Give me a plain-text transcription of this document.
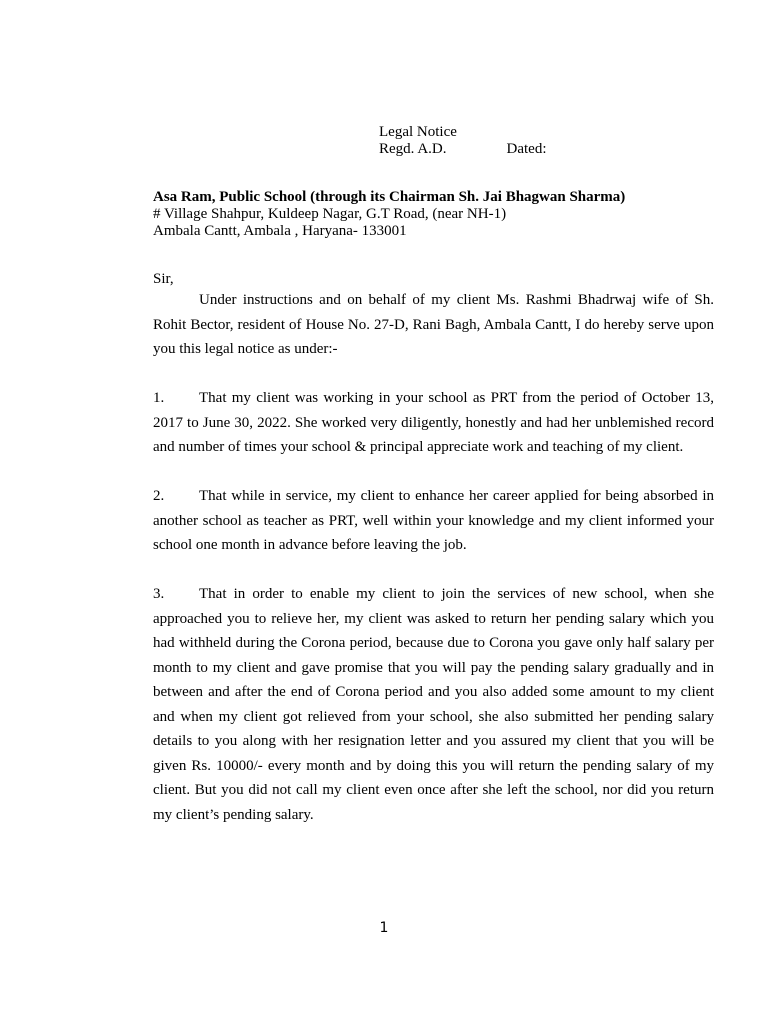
Legal Notice
Regd. A.D.	Dated:
Asa Ram, Public School (through its Chairman Sh. Jai Bhagwan Sharma)
# Village Shahpur, Kuldeep Nagar, G.T Road, (near NH-1)
Ambala Cantt, Ambala , Haryana- 133001
Sir,

Under instructions and on behalf of my client Ms. Rashmi Bhadrwaj wife of Sh. Rohit Bector, resident of House No. 27-D, Rani Bagh, Ambala Cantt, I do hereby serve upon you this legal notice as under:-

1. That my client was working in your school as PRT from the period of October 13, 2017 to June 30, 2022. She worked very diligently, honestly and had her unblemished record and number of times your school & principal appreciate work and teaching of my client.

2. That while in service, my client to enhance her career applied for being absorbed in another school as teacher as PRT, well within your knowledge and my client informed your school one month in advance before leaving the job.

3. That in order to enable my client to join the services of new school, when she approached you to relieve her, my client was asked to return her pending salary which you had withheld during the Corona period, because due to Corona you gave only half salary per month to my client and gave promise that you will pay the pending salary gradually and in between and after the end of Corona period and you also added some amount to my client and when my client got relieved from your school, she also submitted her pending salary details to you along with her resignation letter and you assured my client that you will be given Rs. 10000/- every month and by doing this you will return the pending salary of my client. But you did not call my client even once after she left the school, nor did you return my client’s pending salary.

1
